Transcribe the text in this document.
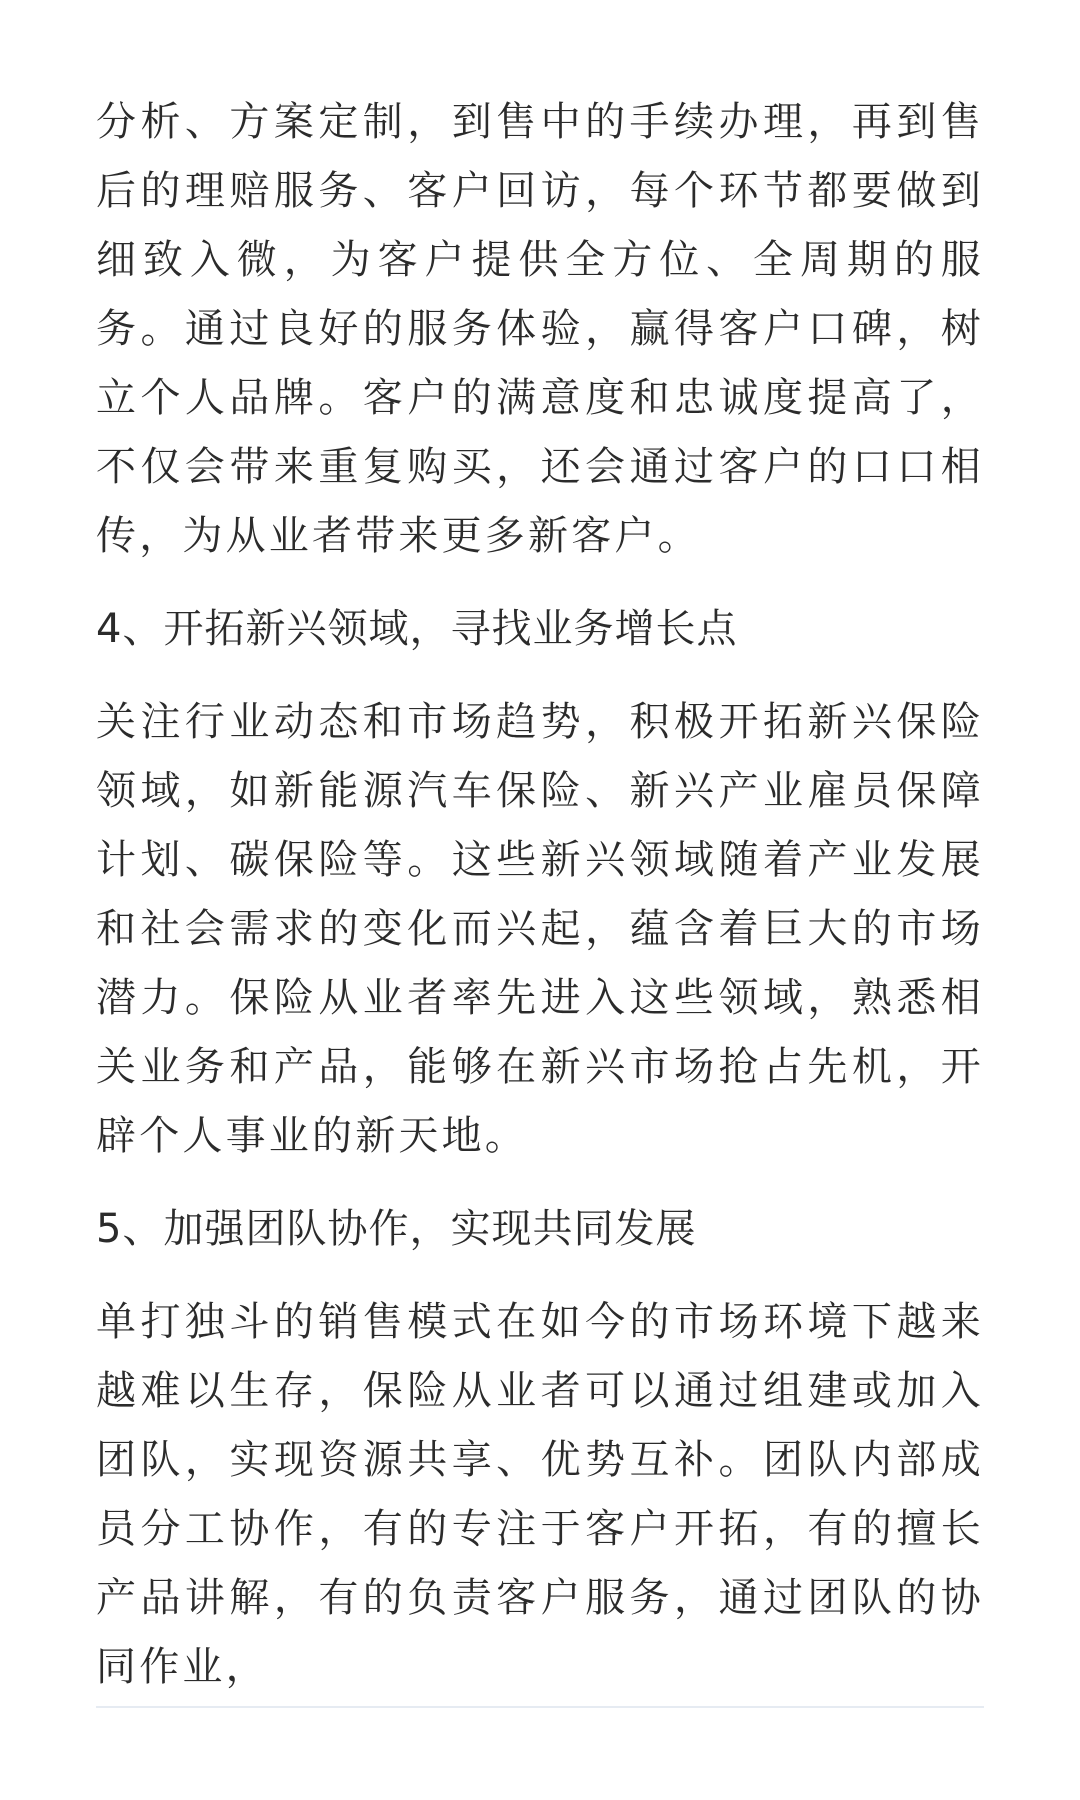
分析、方案定制，到售中的手续办理，再到售后的理赔服务、客户回访，每个环节都要做到细致入微，为客户提供全方位、全周期的服务。通过良好的服务体验，赢得客户口碑，树立个人品牌。客户的满意度和忠诚度提高了，不仅会带来重复购买，还会通过客户的口口相传，为从业者带来更多新客户。

4、开拓新兴领域，寻找业务增长点

关注行业动态和市场趋势，积极开拓新兴保险领域，如新能源汽车保险、新兴产业雇员保障计划、碳保险等。这些新兴领域随着产业发展和社会需求的变化而兴起，蕴含着巨大的市场潜力。保险从业者率先进入这些领域，熟悉相关业务和产品，能够在新兴市场抢占先机，开辟个人事业的新天地。

5、加强团队协作，实现共同发展

单打独斗的销售模式在如今的市场环境下越来越难以生存，保险从业者可以通过组建或加入团队，实现资源共享、优势互补。团队内部成员分工协作，有的专注于客户开拓，有的擅长产品讲解，有的负责客户服务，通过团队的协同作业，
